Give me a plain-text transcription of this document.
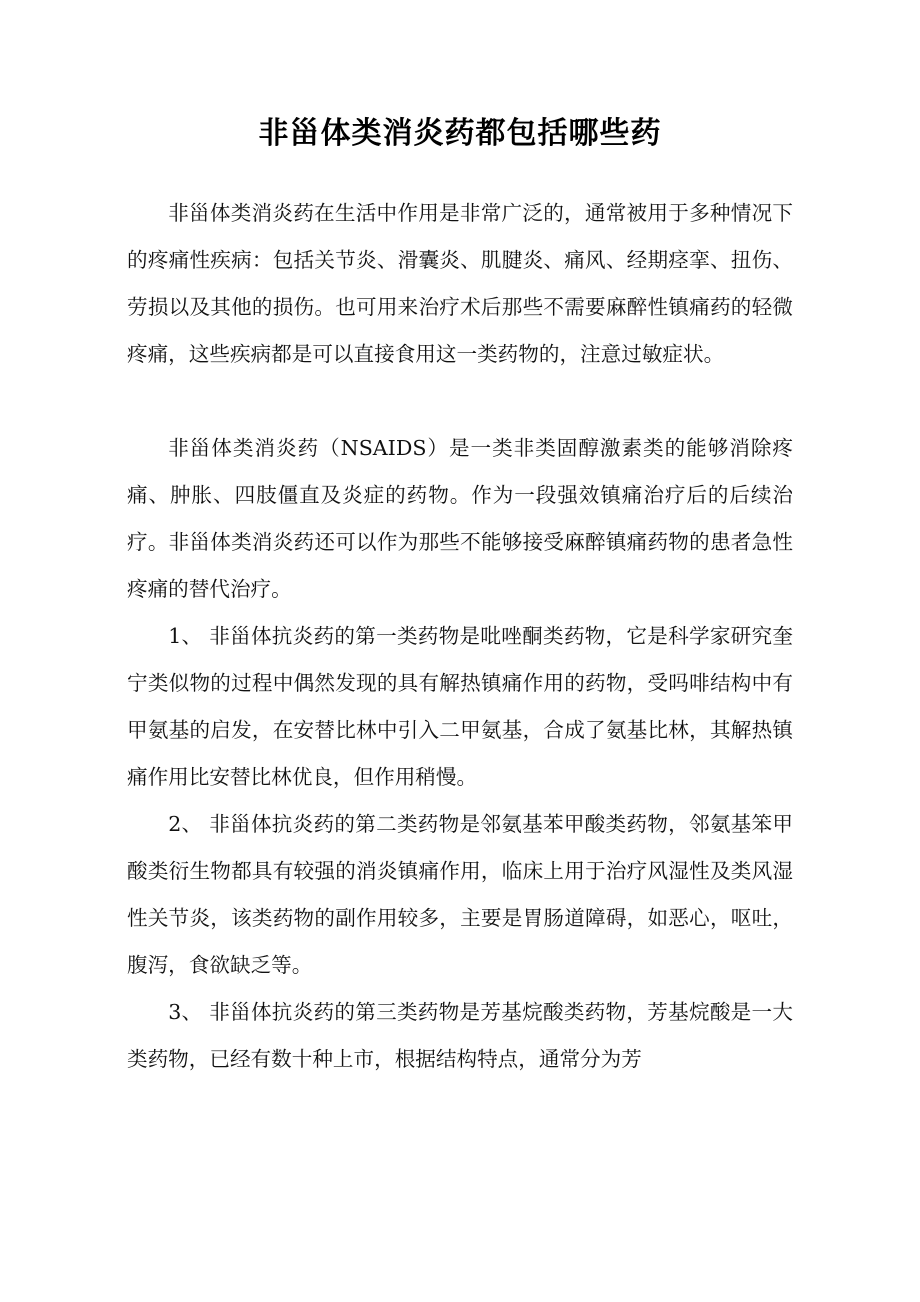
非甾体类消炎药都包括哪些药

非甾体类消炎药在生活中作用是非常广泛的，通常被用于多种情况下的疼痛性疾病：包括关节炎、滑囊炎、肌腱炎、痛风、经期痉挛、扭伤、劳损以及其他的损伤。也可用来治疗术后那些不需要麻醉性镇痛药的轻微疼痛，这些疾病都是可以直接食用这一类药物的，注意过敏症状。

非甾体类消炎药（NSAIDS）是一类非类固醇激素类的能够消除疼痛、肿胀、四肢僵直及炎症的药物。作为一段强效镇痛治疗后的后续治疗。非甾体类消炎药还可以作为那些不能够接受麻醉镇痛药物的患者急性疼痛的替代治疗。

1、 非甾体抗炎药的第一类药物是吡唑酮类药物，它是科学家研究奎宁类似物的过程中偶然发现的具有解热镇痛作用的药物，受吗啡结构中有甲氨基的启发，在安替比林中引入二甲氨基，合成了氨基比林，其解热镇痛作用比安替比林优良，但作用稍慢。

2、 非甾体抗炎药的第二类药物是邻氨基苯甲酸类药物，邻氨基笨甲酸类衍生物都具有较强的消炎镇痛作用，临床上用于治疗风湿性及类风湿性关节炎，该类药物的副作用较多，主要是胃肠道障碍，如恶心，呕吐，腹泻，食欲缺乏等。

3、 非甾体抗炎药的第三类药物是芳基烷酸类药物，芳基烷酸是一大类药物，已经有数十种上市，根据结构特点，通常分为芳
